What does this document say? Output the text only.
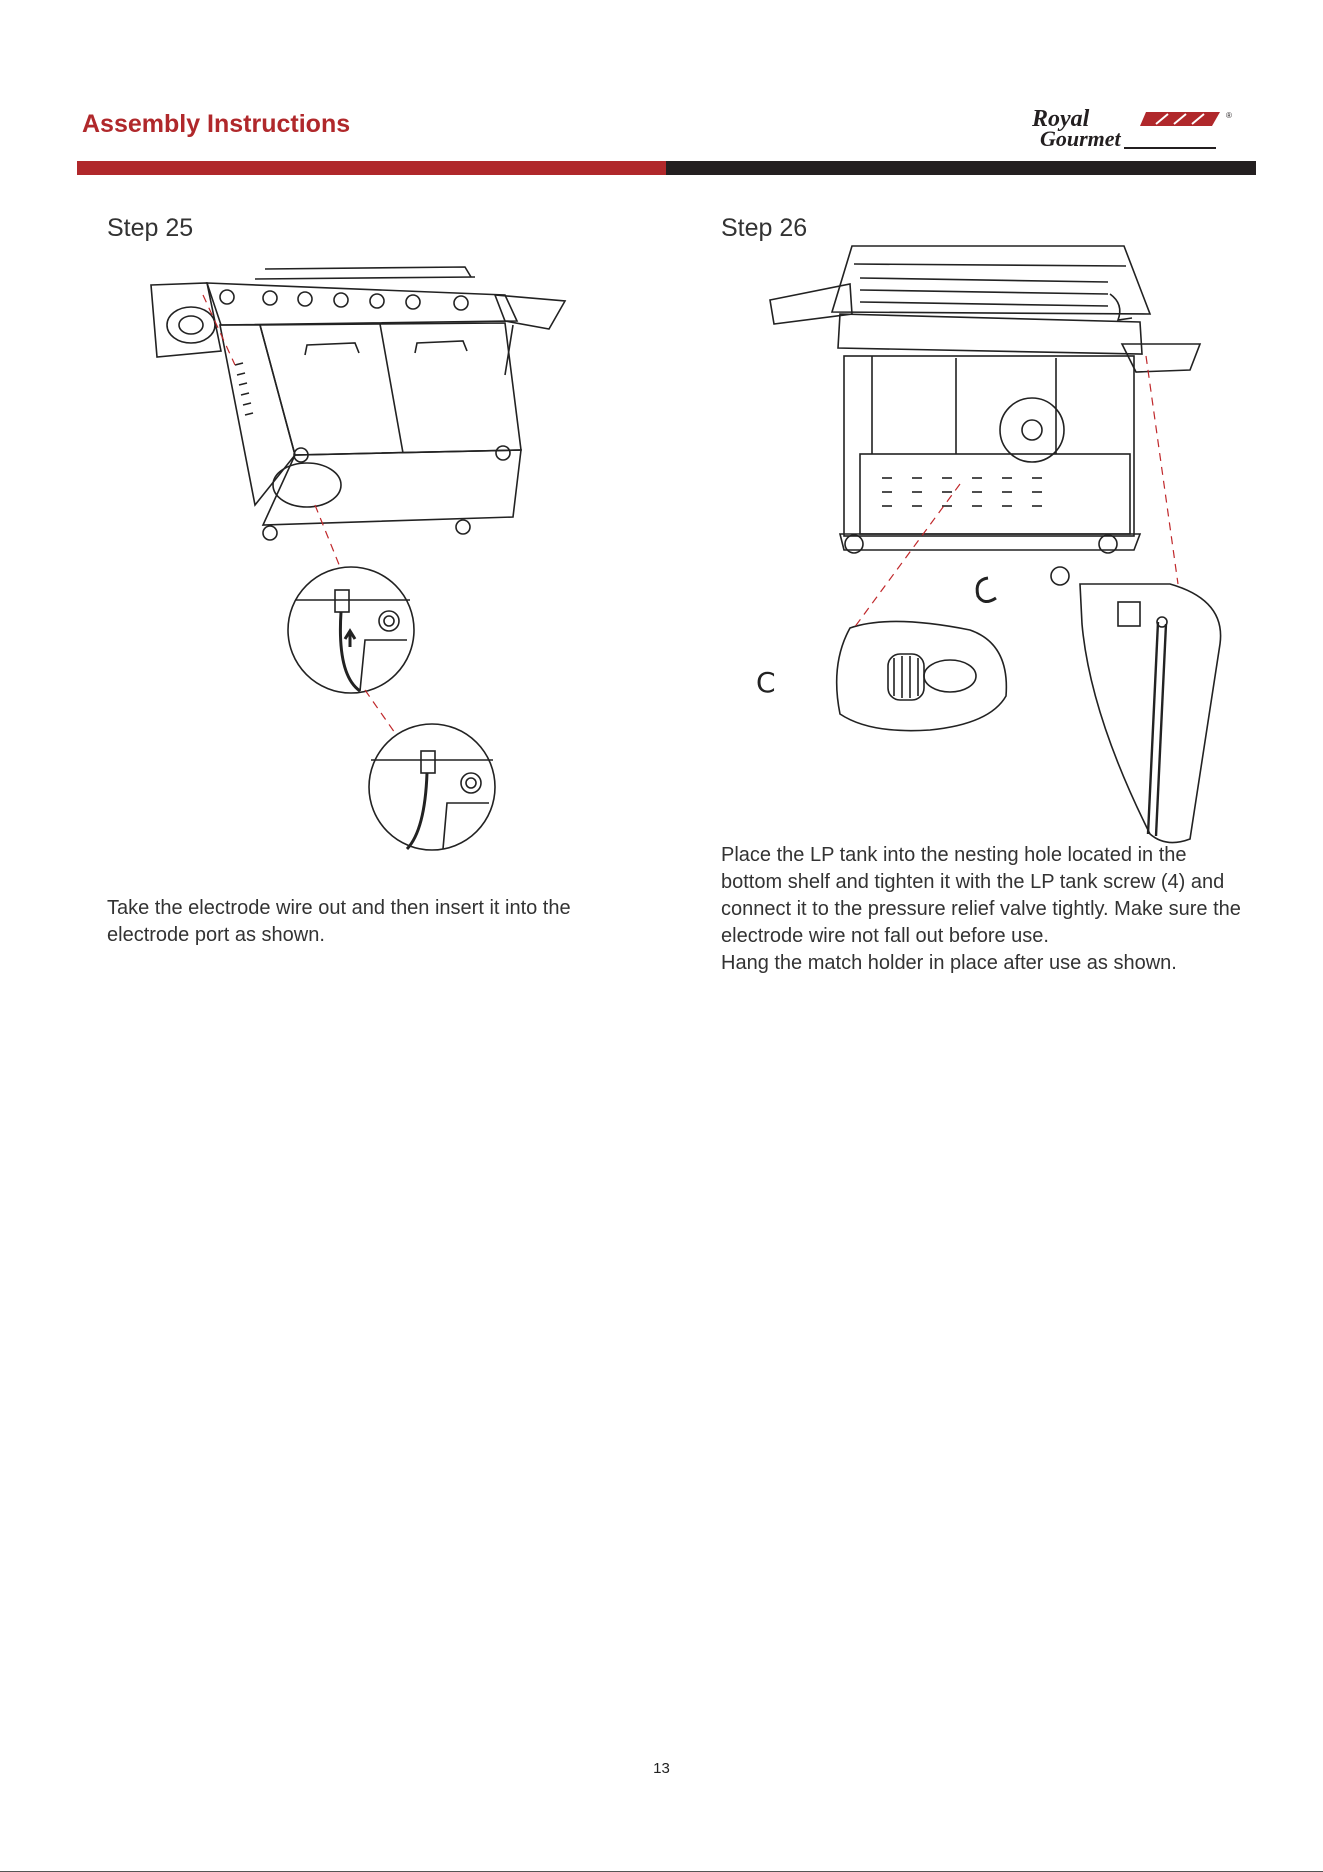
Assembly Instructions	Royal
Gourmet
®
Step 25
Take the electrode wire out and then insert it into the electrode port as shown.
Step 26
C

Place the LP tank into the nesting hole located in the bottom shelf and tighten it with the LP tank screw (4) and connect it to the pressure relief valve tightly. Make sure the electrode wire not fall out before use.

Hang the match holder in place after use as shown.

13
